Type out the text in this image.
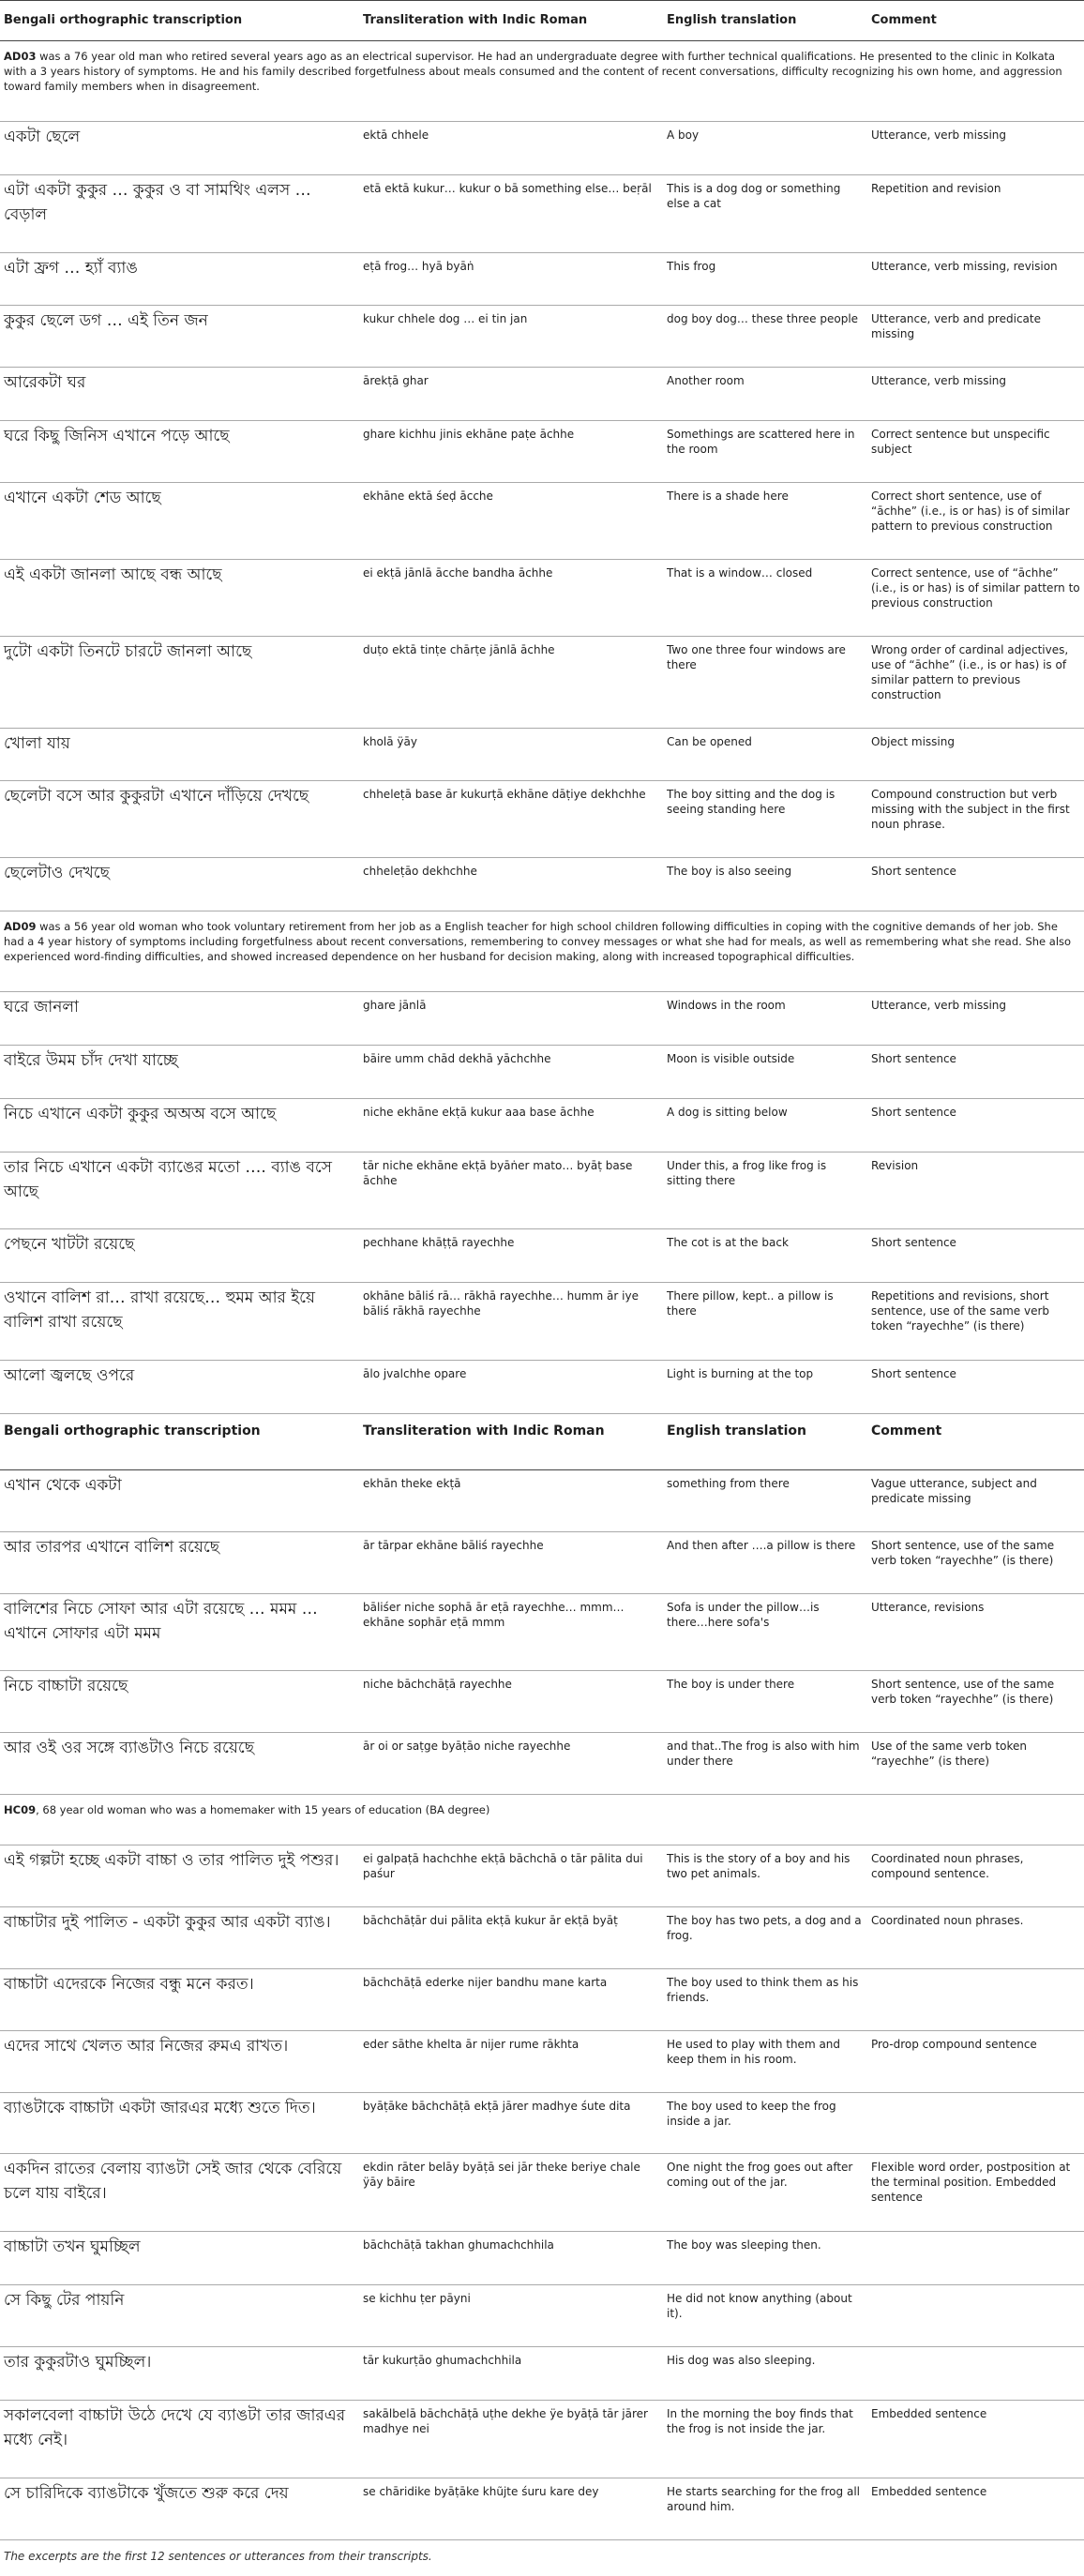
Bengali orthographic transcription	Transliteration with Indic Roman	English translation	Comment
AD03 was a 76 year old man who retired several years ago as an electrical supervisor. He had an undergraduate degree with further technical qualifications. He presented to the clinic in Kolkata with a 3 years history of symptoms. He and his family described forgetfulness about meals consumed and the content of recent conversations, difficulty recognizing his own home, and aggression toward family members when in disagreement.			
একটা ছেলে	ektā chhele	A boy	Utterance, verb missing
এটা একটা কুকুর … কুকুর ও বা সামথিং এলস … বেড়াল	etā ektā kukur… kukur o bā something else… beṛāl	This is a dog dog or something else a cat	Repetition and revision
এটা ফ্রগ … হ্যাঁ ব্যাঙ	eṭā frog… hyā byāṅ	This frog	Utterance, verb missing, revision
কুকুর ছেলে ডগ … এই তিন জন	kukur chhele dog … ei tin jan	dog boy dog… these three people	Utterance, verb and predicate missing
আরেকটা ঘর	ārekṭā ghar	Another room	Utterance, verb missing
ঘরে কিছু জিনিস এখানে পড়ে আছে	ghare kichhu jinis ekhāne paṭe āchhe	Somethings are scattered here in the room	Correct sentence but unspecific subject
এখানে একটা শেড আছে	ekhāne ektā śeḍ ācche	There is a shade here	Correct short sentence, use of “āchhe” (i.e., is or has) is of similar pattern to previous construction
এই একটা জানলা আছে বন্ধ আছে	ei ekṭā jānlā ācche bandha āchhe	That is a window… closed	Correct sentence, use of “āchhe” (i.e., is or has) is of similar pattern to previous construction
দুটো একটা তিনটে চারটে জানলা আছে	duṭo ektā tinṭe chārṭe jānlā āchhe	Two one three four windows are there	Wrong order of cardinal adjectives, use of “āchhe” (i.e., is or has) is of similar pattern to previous construction
খোলা যায়	kholā ÿāy	Can be opened	Object missing
ছেলেটা বসে আর কুকুরটা এখানে দাঁড়িয়ে দেখছে	chheleṭā base ār kukurṭā ekhāne dāṭiye dekhchhe	The boy sitting and the dog is seeing standing here	Compound construction but verb missing with the subject in the first noun phrase.
ছেলেটাও দেখছে	chheleṭāo dekhchhe	The boy is also seeing	Short sentence
AD09 was a 56 year old woman who took voluntary retirement from her job as a English teacher for high school children following difficulties in coping with the cognitive demands of her job. She had a 4 year history of symptoms including forgetfulness about recent conversations, remembering to convey messages or what she had for meals, as well as remembering what she read. She also experienced word-finding difficulties, and showed increased dependence on her husband for decision making, along with increased topographical difficulties.			
ঘরে জানলা	ghare jānlā	Windows in the room	Utterance, verb missing
বাইরে উমম চাঁদ দেখা যাচ্ছে	bāire umm chād dekhā yāchchhe	Moon is visible outside	Short sentence
নিচে এখানে একটা কুকুর অঅঅ বসে আছে	niche ekhāne ekṭā kukur aaa base āchhe	A dog is sitting below	Short sentence
তার নিচে এখানে একটা ব্যাঙের মতো …. ব্যাঙ বসে আছে	tār niche ekhāne ekṭā byāṅer mato… byāṭ base āchhe	Under this, a frog like frog is sitting there	Revision
পেছনে খাটটা রয়েছে	pechhane khāṭṭā rayechhe	The cot is at the back	Short sentence
ওখানে বালিশ রা… রাখা রয়েছে… হুমম আর ইয়ে বালিশ রাখা রয়েছে	okhāne bāliś rā… rākhā rayechhe… humm ār iye bāliś rākhā rayechhe	There pillow, kept.. a pillow is there	Repetitions and revisions, short sentence, use of the same verb token “rayechhe” (is there)
আলো জ্বলছে ওপরে	ālo jvalchhe opare	Light is burning at the top	Short sentence
Bengali orthographic transcription	Transliteration with Indic Roman	English translation	Comment
এখান থেকে একটা	ekhān theke ekṭā	something from there	Vague utterance, subject and predicate missing
আর তারপর এখানে বালিশ রয়েছে	ār tārpar ekhāne bāliś rayechhe	And then after ….a pillow is there	Short sentence, use of the same verb token “rayechhe” (is there)
বালিশের নিচে সোফা আর এটা রয়েছে … মমম … এখানে সোফার এটা মমম	bāliśer niche sophā ār eṭā rayechhe… mmm…ekhāne sophār eṭā mmm	Sofa is under the pillow…is there…here sofa's	Utterance, revisions
নিচে বাচ্চাটা রয়েছে	niche bāchchāṭā rayechhe	The boy is under there	Short sentence, use of the same verb token “rayechhe” (is there)
আর ওই ওর সঙ্গে ব্যাঙটাও নিচে রয়েছে	ār oi or saṭge byāṭāo niche rayechhe	and that..The frog is also with him under there	Use of the same verb token “rayechhe” (is there)
HC09, 68 year old woman who was a homemaker with 15 years of education (BA degree)			
এই গল্পটা হচ্ছে একটা বাচ্চা ও তার পালিত দুই পশুর।	ei galpaṭā hachchhe ekṭā bāchchā o tār pālita dui paśur	This is the story of a boy and his two pet animals.	Coordinated noun phrases, compound sentence.
বাচ্চাটার দুই পালিত - একটা কুকুর আর একটা ব্যাঙ।	bāchchāṭār dui pālita ekṭā kukur ār ekṭā byāṭ	The boy has two pets, a dog and a frog.	Coordinated noun phrases.
বাচ্চাটা এদেরকে নিজের বন্ধু মনে করত।	bāchchāṭā ederke nijer bandhu mane karta	The boy used to think them as his friends.	
এদের সাথে খেলত আর নিজের রুমএ রাখত।	eder sāthe khelta ār nijer rume rākhta	He used to play with them and keep them in his room.	Pro-drop compound sentence
ব্যাঙটাকে বাচ্চাটা একটা জারএর মধ্যে শুতে দিত।	byāṭāke bāchchāṭā ekṭā jārer madhye śute dita	The boy used to keep the frog inside a jar.	
একদিন রাতের বেলায় ব্যাঙটা সেই জার থেকে বেরিয়ে চলে যায় বাইরে।	ekdin rāter belāy byāṭā sei jār theke beriye chale ÿāy bāire	One night the frog goes out after coming out of the jar.	Flexible word order, postposition at the terminal position. Embedded sentence
বাচ্চাটা তখন ঘুমচ্ছিল	bāchchāṭā takhan ghumachchhila	The boy was sleeping then.	
সে কিছু টের পায়নি	se kichhu ṭer pāyni	He did not know anything (about it).	
তার কুকুরটাও ঘুমচ্ছিল।	tār kukurṭāo ghumachchhila	His dog was also sleeping.	
সকালবেলা বাচ্চাটা উঠে দেখে যে ব্যাঙটা তার জারএর মধ্যে নেই।	sakālbelā bāchchāṭā uṭhe dekhe ÿe byāṭā tār jārer madhye nei	In the morning the boy finds that the frog is not inside the jar.	Embedded sentence
সে চারিদিকে ব্যাঙটাকে খুঁজতে শুরু করে দেয়	se chāridike byāṭāke khũjte śuru kare dey	He starts searching for the frog all around him.	Embedded sentence
The excerpts are the first 12 sentences or utterances from their transcripts.
